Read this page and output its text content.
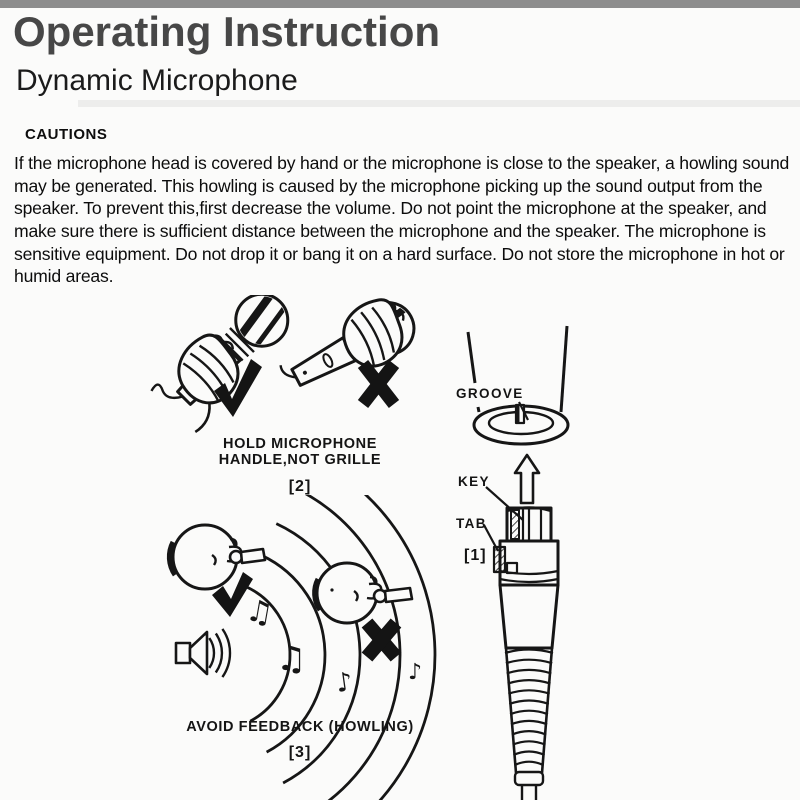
Operating Instruction
Dynamic Microphone
CAUTIONS

If the microphone head is covered by hand or the microphone is close to the speaker, a howling sound may be generated. This howling is caused by the microphone picking up the sound output from the speaker. To prevent this,first decrease the volume. Do not point the microphone at the speaker, and make sure there is sufficient distance between the microphone and the speaker. The microphone is sensitive equipment. Do not drop it or bang it on a hard surface. Do not store the microphone in hot or humid areas.

HOLD MICROPHONE
HANDLE,NOT GRILLE
[2]
GROOVE
KEY
TAB
[1]
♫
♫
♪ ♪
AVOID FEEDBACK (HOWLING)
[3]
